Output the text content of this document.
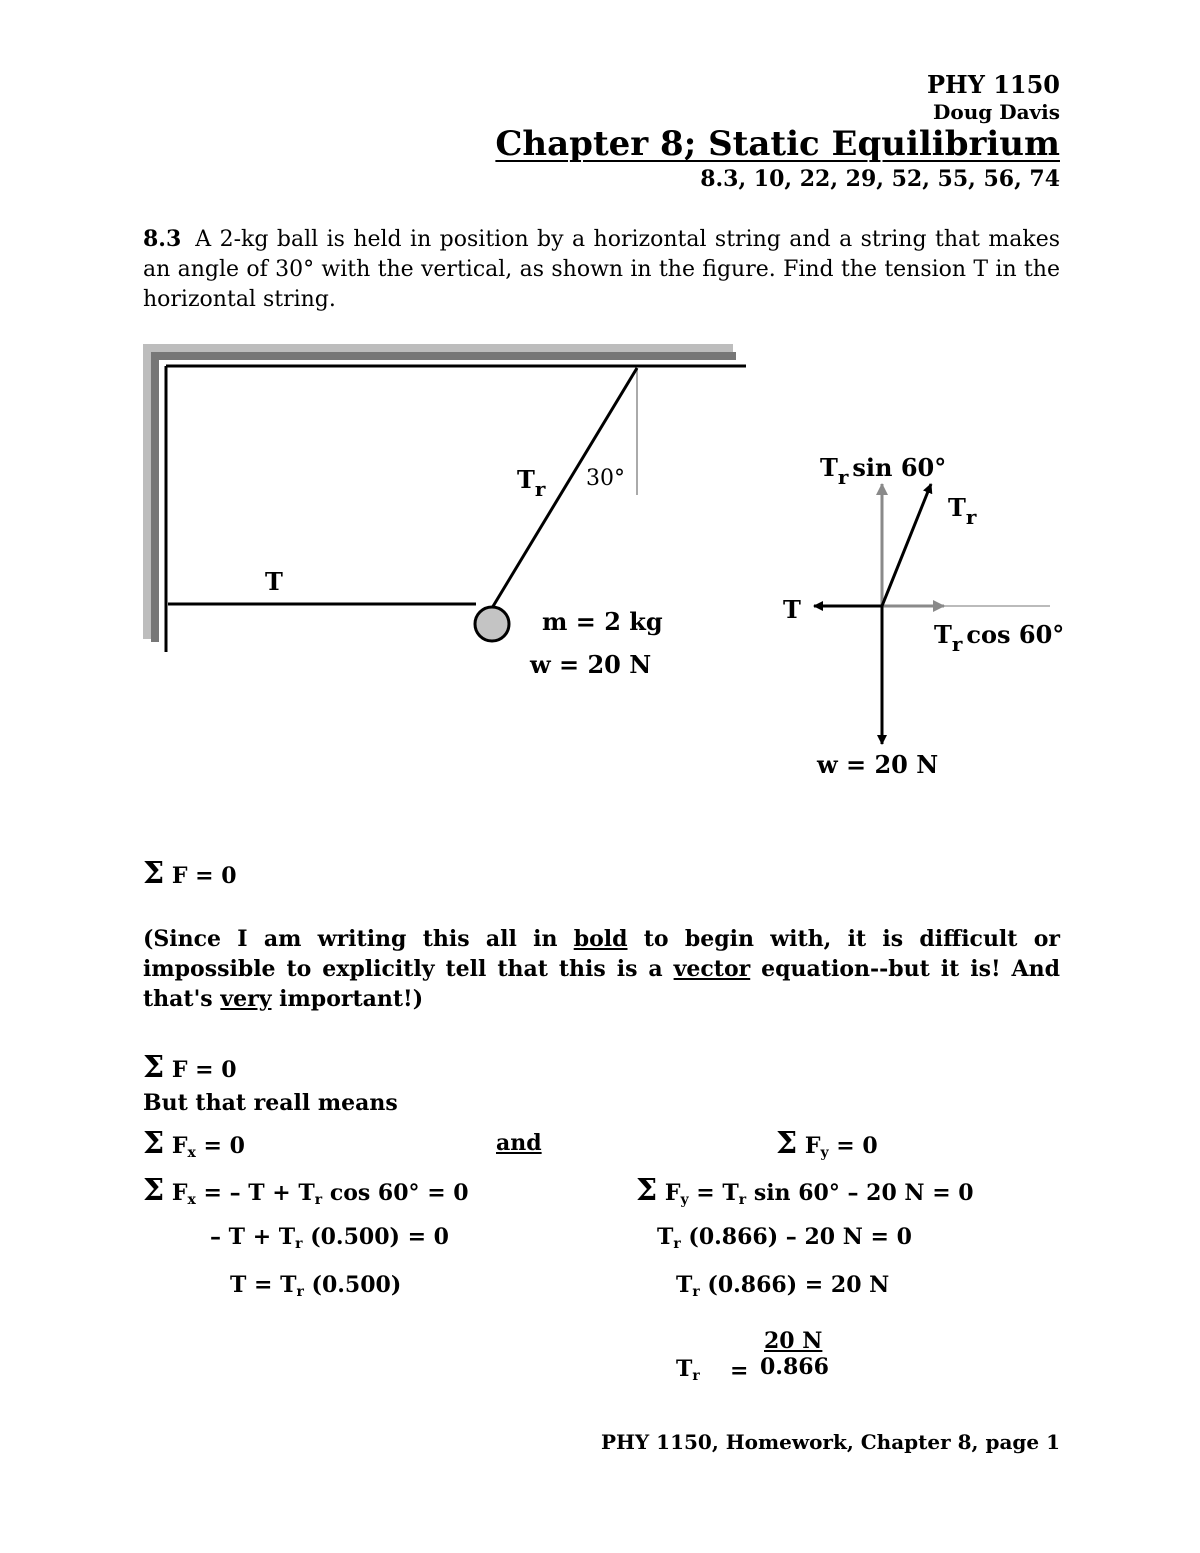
PHY 1150
Doug Davis
Chapter 8; Static Equilibrium
8.3, 10, 22, 29, 52, 55, 56, 74
8.3 A 2-kg ball is held in position by a horizontal string and a string that makes an angle of 30° with the vertical, as shown in the figure. Find the tension T in the horizontal string.
$T_r$ 30°
T
m = 2 kg
w = 20 N
$T_r$ sin 60°
$T_r$
T
$T_r$ cos 60°
w = 20 N
Σ F = 0
(Since I am writing this all in bold to begin with, it is difficult or impossible to explicitly tell that this is a vector equation--but it is! And that's very important!)
Σ F = 0
But that reall means
Σ $F_x = 0$	and	Σ $F_y = 0$
Σ $F_x$ = – $T + T_r$ cos 60° = 0	Σ $F_y = T_r$ sin 60° – 20 N = 0
– $T + T_r$ (0.500) = 0	$T_r$ (0.866) – 20 N = 0
$T = T_r$ (0.500)	$T_r$ (0.866) = 20 N
20 N
$T_r = 0.866$
PHY 1150, Homework, Chapter 8, page 1
